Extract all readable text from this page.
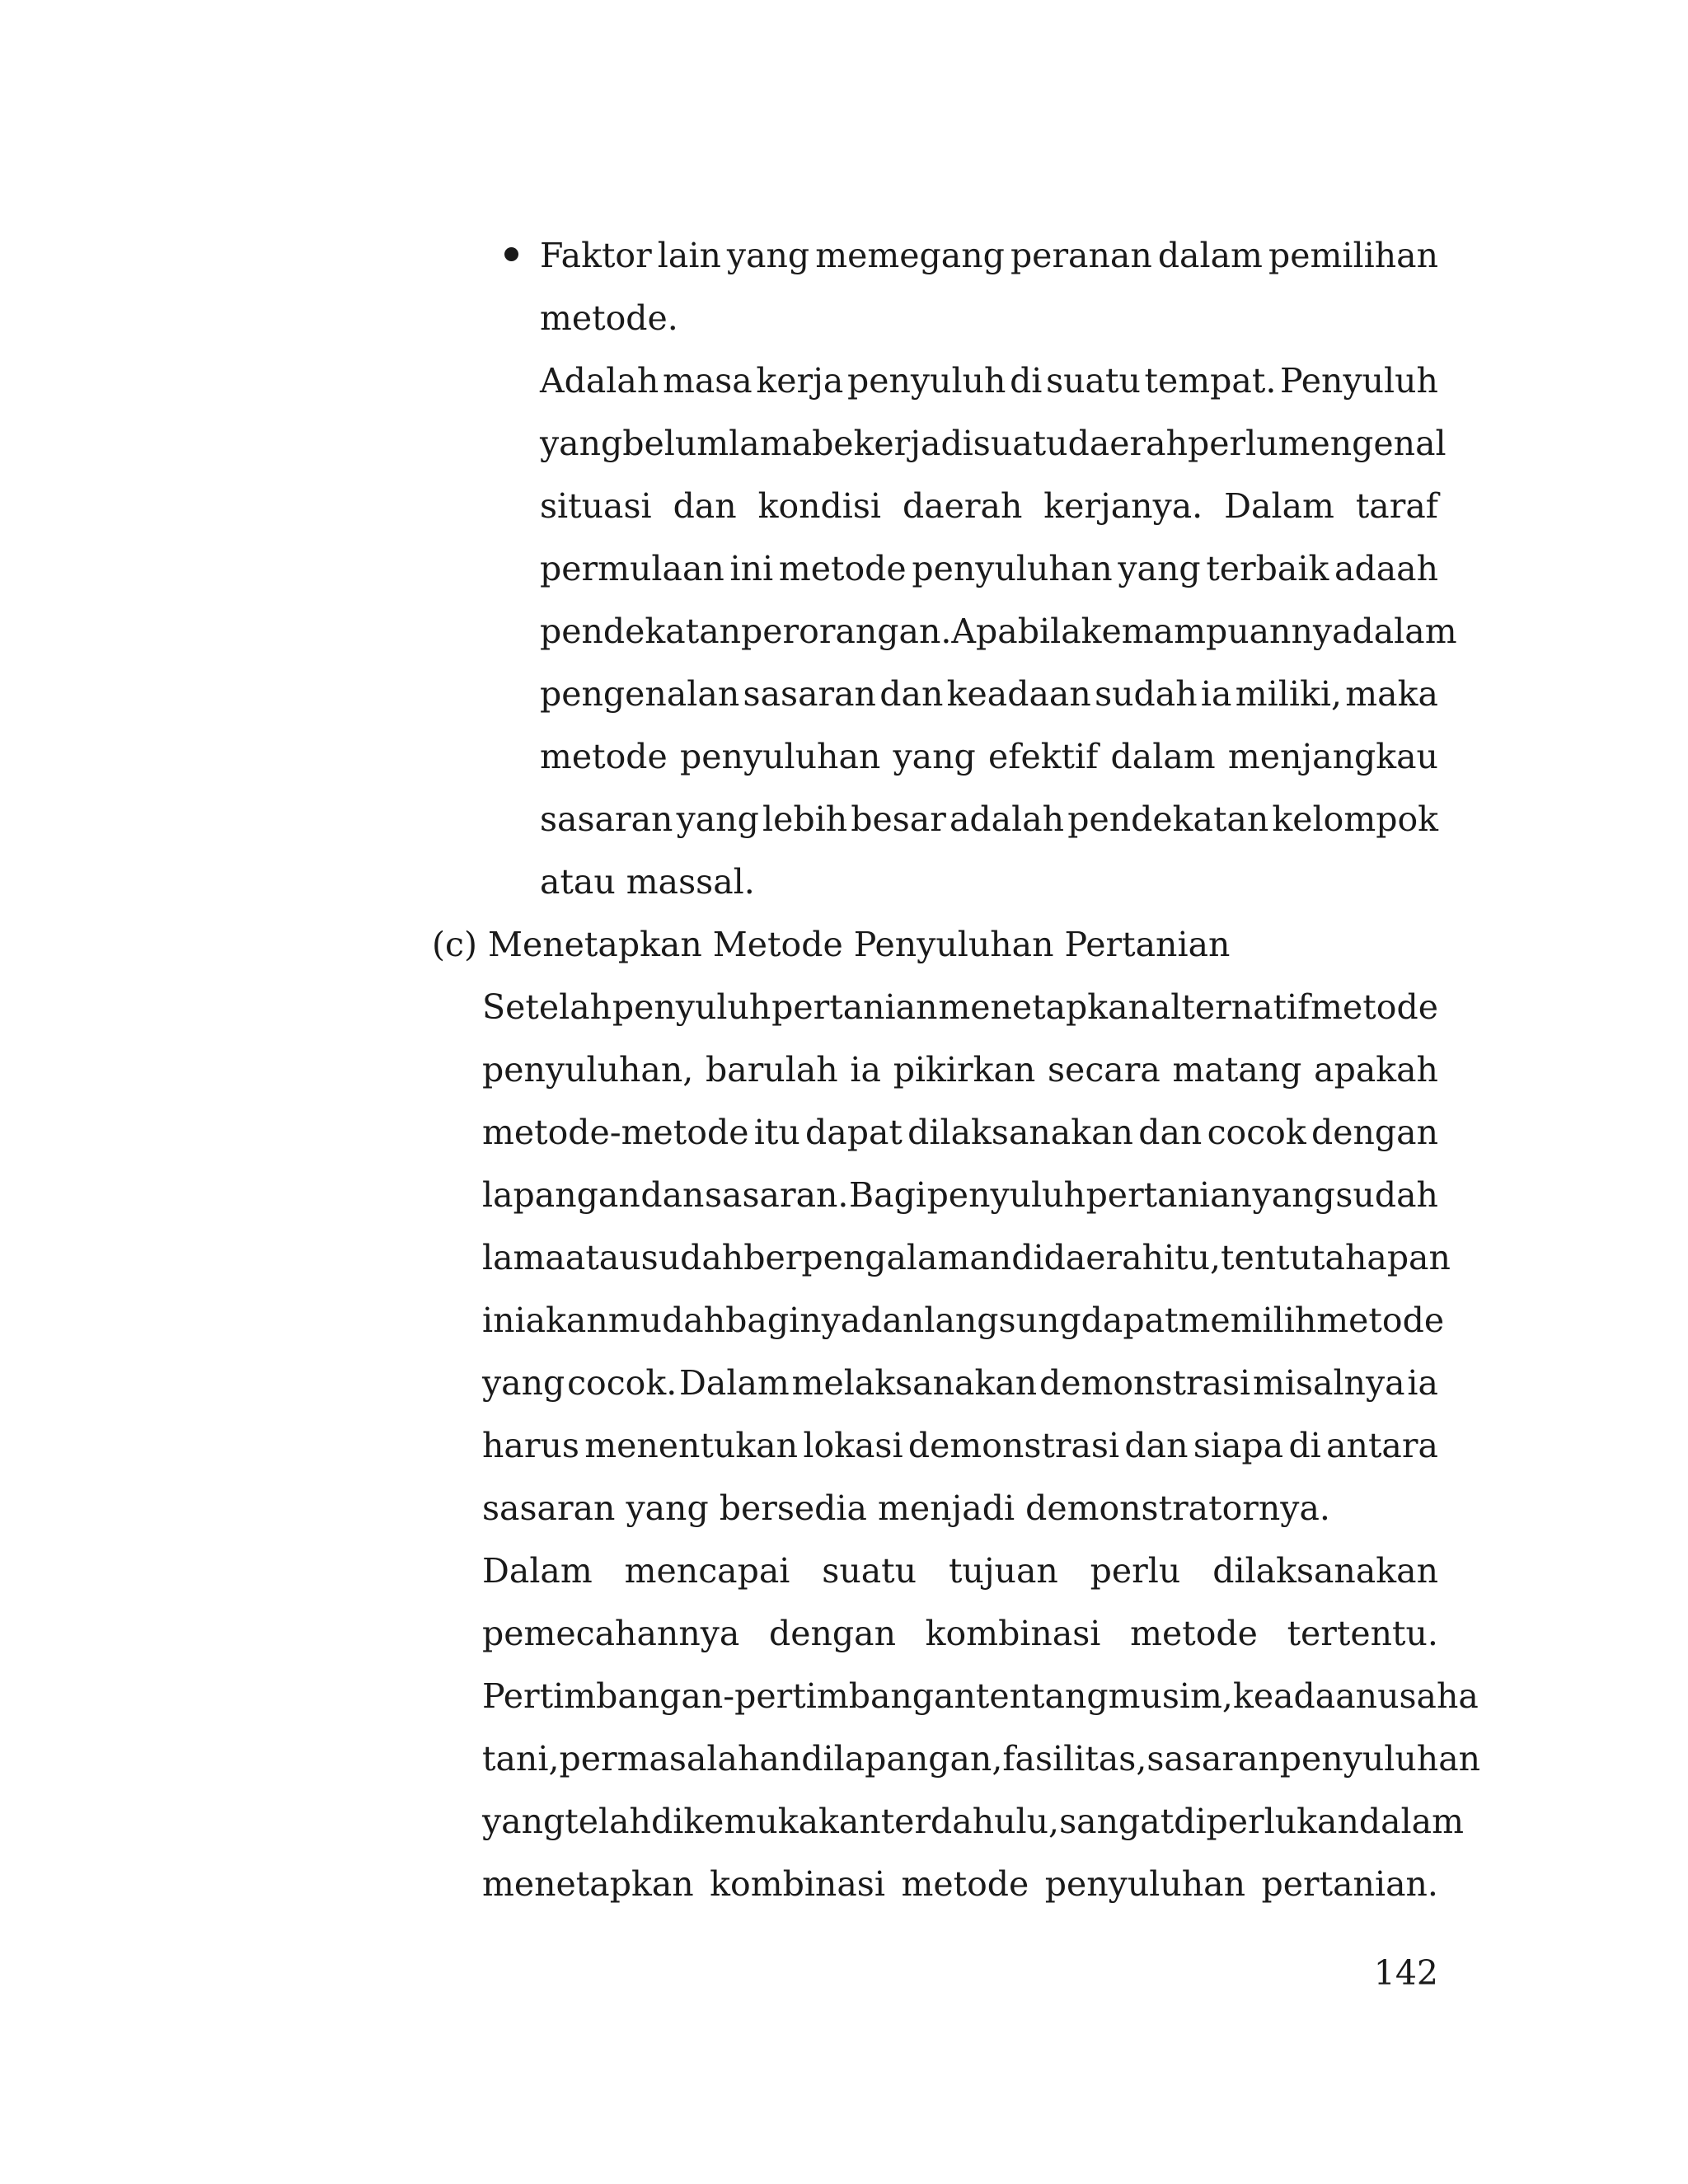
Faktor lain yang memegang peranan dalam pemilihan
metode.
Adalah masa kerja penyuluh di suatu tempat. Penyuluh
yang belum lama bekerja di suatu daerah perlu mengenal
situasi dan kondisi daerah kerjanya. Dalam taraf
permulaan ini metode penyuluhan yang terbaik adaah
pendekatan perorangan. Apabila kemampuannya dalam
pengenalan sasaran dan keadaan sudah ia miliki, maka
metode penyuluhan yang efektif dalam menjangkau
sasaran yang lebih besar adalah pendekatan kelompok
atau massal.
(c) Menetapkan Metode Penyuluhan Pertanian
Setelah penyuluh pertanian menetapkan alternatif metode
penyuluhan, barulah ia pikirkan secara matang apakah
metode-metode itu dapat dilaksanakan dan cocok dengan
lapangan dan sasaran. Bagi penyuluh pertanian yang sudah
lama atau sudah berpengalaman di daerah itu, tentu tahapan
ini akan mudah baginya dan langsung dapat memilih metode
yang cocok. Dalam melaksanakan demonstrasi misalnya ia
harus menentukan lokasi demonstrasi dan siapa di antara
sasaran yang bersedia menjadi demonstratornya.
Dalam mencapai suatu tujuan perlu dilaksanakan
pemecahannya dengan kombinasi metode tertentu.
Pertimbangan-pertimbangan tentang musim, keadaan usaha
tani, permasalahan di lapangan, fasilitas, sasaran penyuluhan
yang telah dikemukakan terdahulu, sangat diperlukan dalam
menetapkan kombinasi metode penyuluhan pertanian.
142
